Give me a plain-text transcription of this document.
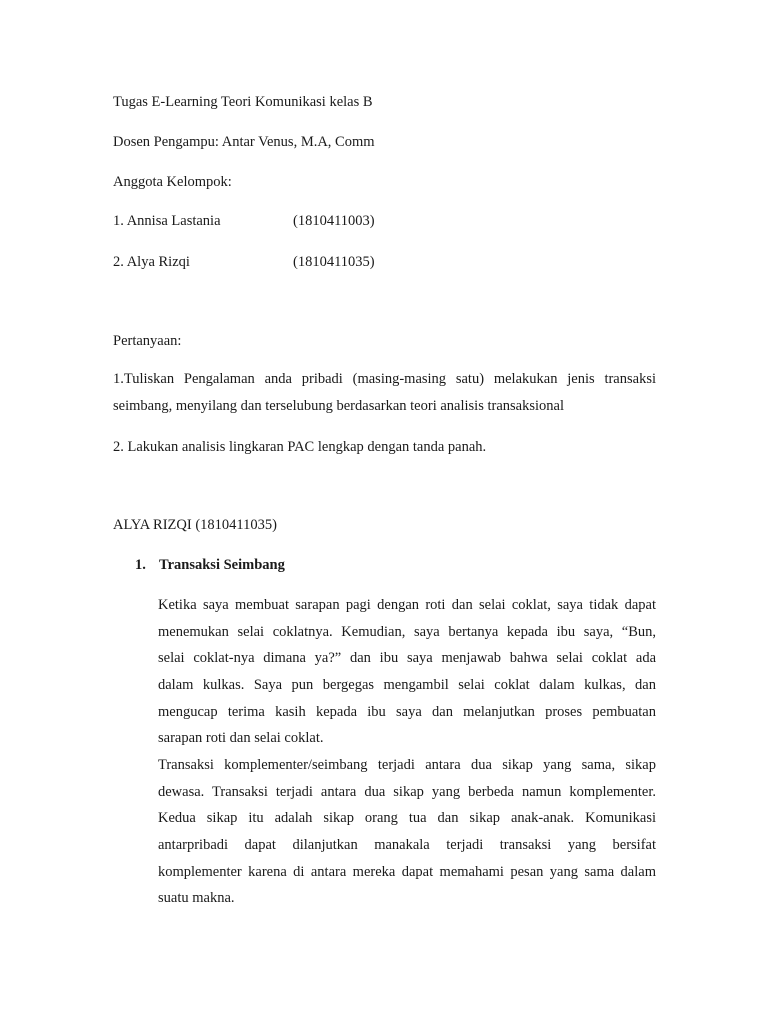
Tugas E-Learning Teori Komunikasi kelas B
Dosen Pengampu: Antar Venus, M.A, Comm
Anggota Kelompok:
1. Annisa Lastania	(1810411003)
2. Alya Rizqi	(1810411035)
Pertanyaan:
1.Tuliskan Pengalaman anda pribadi (masing-masing satu) melakukan jenis transaksi
seimbang, menyilang dan terselubung berdasarkan teori analisis transaksional
2. Lakukan analisis lingkaran PAC lengkap dengan tanda panah.
ALYA RIZQI (1810411035)
1. Transaksi Seimbang
Ketika saya membuat sarapan pagi dengan roti dan selai coklat, saya tidak dapat
menemukan selai coklatnya. Kemudian, saya bertanya kepada ibu saya, “Bun,
selai coklat-nya dimana ya?” dan ibu saya menjawab bahwa selai coklat ada
dalam kulkas. Saya pun bergegas mengambil selai coklat dalam kulkas, dan
mengucap terima kasih kepada ibu saya dan melanjutkan proses pembuatan
sarapan roti dan selai coklat.
Transaksi komplementer/seimbang terjadi antara dua sikap yang sama, sikap
dewasa. Transaksi terjadi antara dua sikap yang berbeda namun komplementer.
Kedua sikap itu adalah sikap orang tua dan sikap anak-anak. Komunikasi
antarpribadi dapat dilanjutkan manakala terjadi transaksi yang bersifat
komplementer karena di antara mereka dapat memahami pesan yang sama dalam
suatu makna.
